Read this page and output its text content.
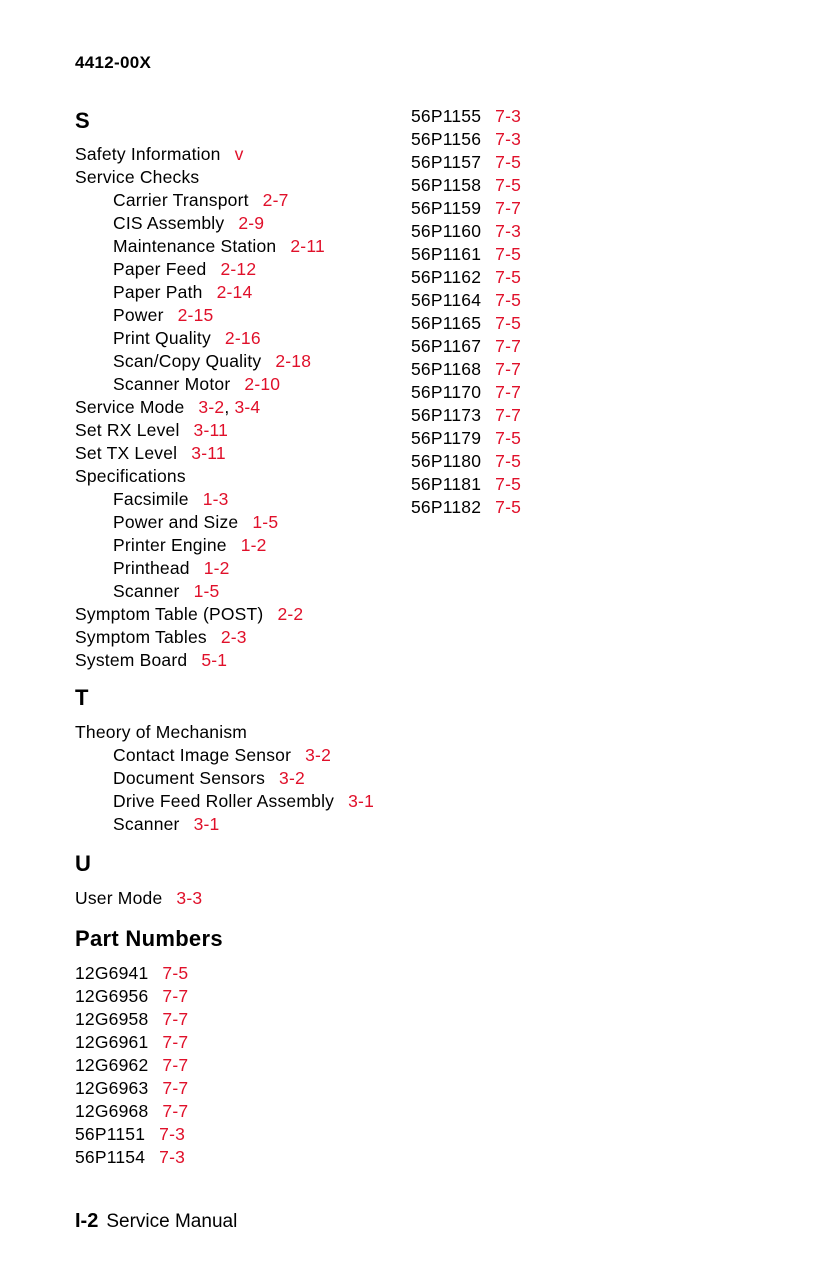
4412-00X
S
Safety Information v
Service Checks
Carrier Transport 2-7
CIS Assembly 2-9
Maintenance Station 2-11
Paper Feed 2-12
Paper Path 2-14
Power 2-15
Print Quality 2-16
Scan/Copy Quality 2-18
Scanner Motor 2-10
Service Mode 3-2, 3-4
Set RX Level 3-11
Set TX Level 3-11
Specifications
Facsimile 1-3
Power and Size 1-5
Printer Engine 1-2
Printhead 1-2
Scanner 1-5
Symptom Table (POST) 2-2
Symptom Tables 2-3
System Board 5-1
T
Theory of Mechanism
Contact Image Sensor 3-2
Document Sensors 3-2
Drive Feed Roller Assembly 3-1
Scanner 3-1
U
User Mode 3-3
Part Numbers
12G6941 7-5
12G6956 7-7
12G6958 7-7
12G6961 7-7
12G6962 7-7
12G6963 7-7
12G6968 7-7
56P1151 7-3
56P1154 7-3
56P1155 7-3
56P1156 7-3
56P1157 7-5
56P1158 7-5
56P1159 7-7
56P1160 7-3
56P1161 7-5
56P1162 7-5
56P1164 7-5
56P1165 7-5
56P1167 7-7
56P1168 7-7
56P1170 7-7
56P1173 7-7
56P1179 7-5
56P1180 7-5
56P1181 7-5
56P1182 7-5
I-2 Service Manual
